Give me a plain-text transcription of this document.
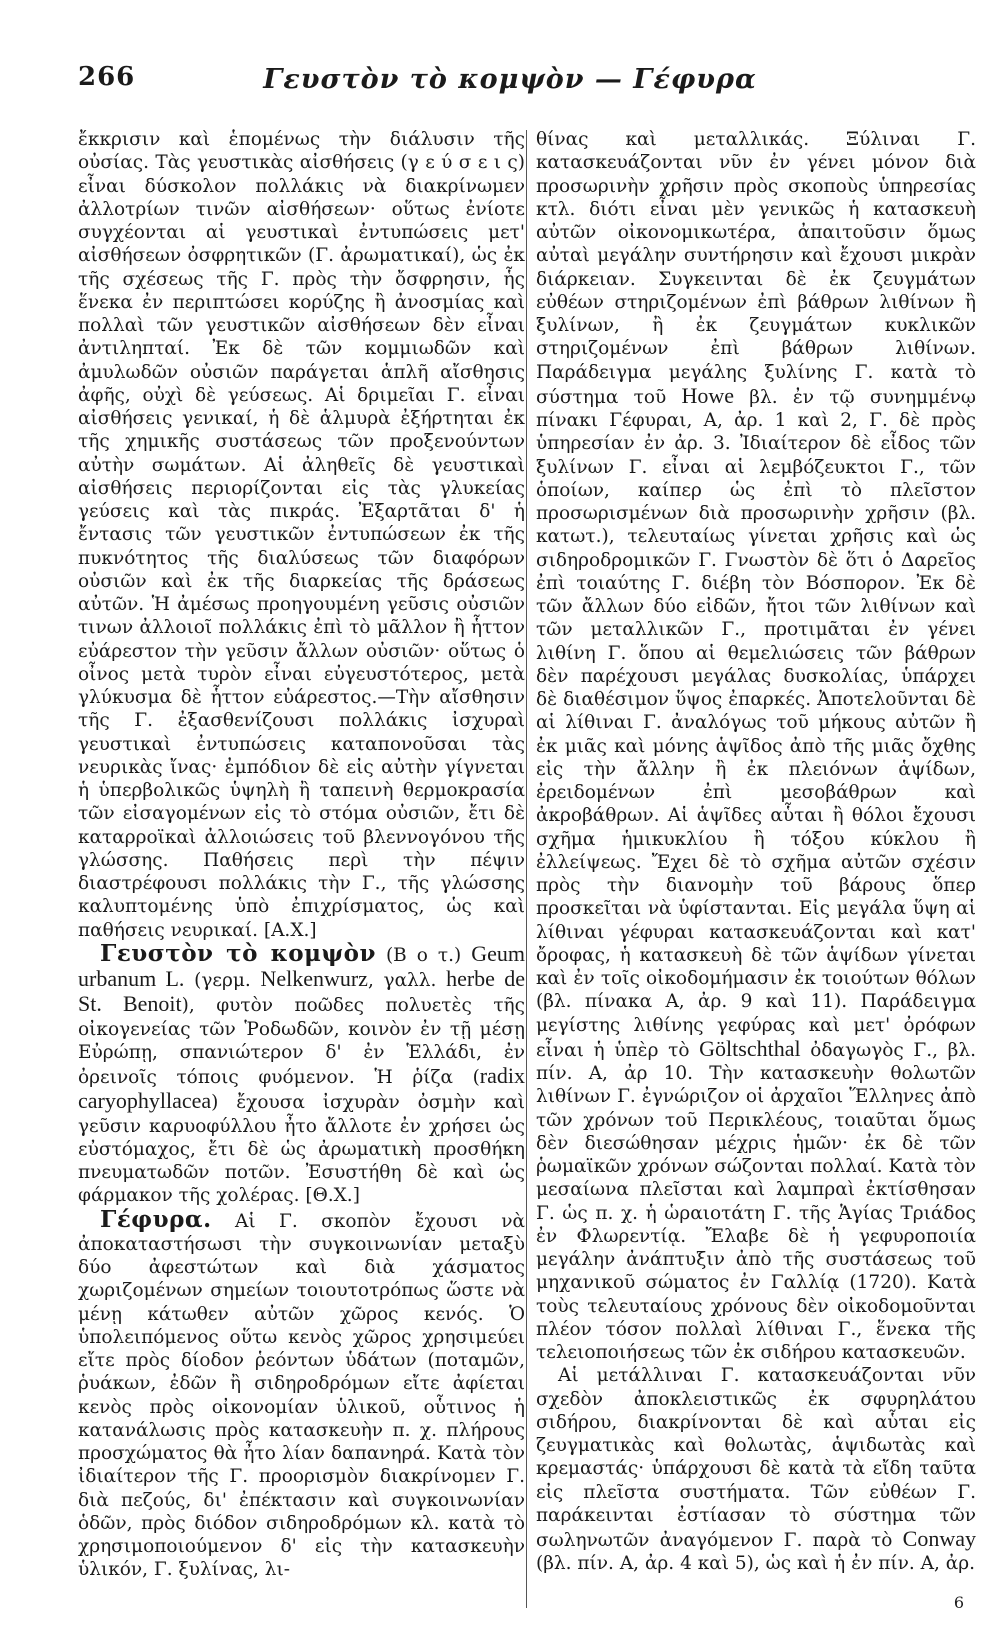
266	Γευστὸν τὸ κομψὸν — Γέφυρα

ἔκκρισιν καὶ ἑπομένως τὴν διάλυσιν τῆς οὐσίας. Τὰς γευστικὰς αἰσθήσεις (γ ε ύ σ ε ι ς) εἶναι δύσκολον πολλάκις νὰ διακρίνωμεν ἀλλοτρίων τινῶν αἰσθήσεων· οὕτως ἐνίοτε συγχέονται αἱ γευστικαὶ ἐντυπώσεις μετ' αἰσθήσεων ὀσφρητικῶν (Γ. ἀρωματικαί), ὡς ἐκ τῆς σχέσεως τῆς Γ. πρὸς τὴν ὄσφρησιν, ἧς ἕνεκα ἐν περιπτώσει κορύζης ἢ ἀνοσμίας καὶ πολλαὶ τῶν γευστικῶν αἰσθήσεων δὲν εἶναι ἀντιληπταί. Ἐκ δὲ τῶν κομμιωδῶν καὶ ἀμυλωδῶν οὐσιῶν παράγεται ἁπλῆ αἴσθησις ἀφῆς, οὐχὶ δὲ γεύσεως. Αἱ δριμεῖαι Γ. εἶναι αἰσθήσεις γενικαί, ἡ δὲ ἁλμυρὰ ἐξήρτηται ἐκ τῆς χημικῆς συστάσεως τῶν προξενούντων αὐτὴν σωμάτων. Αἱ ἀληθεῖς δὲ γευστικαὶ αἰσθήσεις περιορίζονται εἰς τὰς γλυκείας γεύσεις καὶ τὰς πικράς. Ἐξαρτᾶται δ' ἡ ἔντασις τῶν γευστικῶν ἐντυπώσεων ἐκ τῆς πυκνότητος τῆς διαλύσεως τῶν διαφόρων οὐσιῶν καὶ ἐκ τῆς διαρκείας τῆς δράσεως αὐτῶν. Ἡ ἀμέσως προηγουμένη γεῦσις οὐσιῶν τινων ἀλλοιοῖ πολλάκις ἐπὶ τὸ μᾶλλον ἢ ἧττον εὐάρεστον τὴν γεῦσιν ἄλλων οὐσιῶν· οὕτως ὁ οἶνος μετὰ τυρὸν εἶναι εὐγευστότερος, μετὰ γλύκυσμα δὲ ἧττον εὐάρεστος.—Τὴν αἴσθησιν τῆς Γ. ἐξασθενίζουσι πολλάκις ἰσχυραὶ γευστικαὶ ἐντυπώσεις καταπονοῦσαι τὰς νευρικὰς ἴνας· ἐμπόδιον δὲ εἰς αὐτὴν γίγνεται ἡ ὑπερβολικῶς ὑψηλὴ ἢ ταπεινὴ θερμοκρασία τῶν εἰσαγομένων εἰς τὸ στόμα οὐσιῶν, ἔτι δὲ καταρροϊκαὶ ἀλλοιώσεις τοῦ βλεννογόνου τῆς γλώσσης. Παθήσεις περὶ τὴν πέψιν διαστρέφουσι πολλάκις τὴν Γ., τῆς γλώσσης καλυπτομένης ὑπὸ ἐπιχρίσματος, ὡς καὶ παθήσεις νευρικαί. [Α.Χ.]

Γευστὸν τὸ κομψὸν (Β ο τ.) Geum urbanum L. (γερμ. Nelkenwurz, γαλλ. herbe de St. Benoit), φυτὸν ποῶδες πολυετὲς τῆς οἰκογενείας τῶν Ῥοδωδῶν, κοινὸν ἐν τῇ μέσῃ Εὐρώπῃ, σπανιώτερον δ' ἐν Ἑλλάδι, ἐν ὀρεινοῖς τόποις φυόμενον. Ἡ ῥίζα (radix caryophyllacea) ἔχουσα ἰσχυρὰν ὀσμὴν καὶ γεῦσιν καρυοφύλλου ἦτο ἄλλοτε ἐν χρήσει ὡς εὐστόμαχος, ἔτι δὲ ὡς ἀρωματικὴ προσθήκη πνευματωδῶν ποτῶν. Ἐσυστήθη δὲ καὶ ὡς φάρμακον τῆς χολέρας. [Θ.Χ.]

Γέφυρα. Αἱ Γ. σκοπὸν ἔχουσι νὰ ἀποκαταστήσωσι τὴν συγκοινωνίαν μεταξὺ δύο ἀφεστώτων καὶ διὰ χάσματος χωριζομένων σημείων τοιουτοτρόπως ὥστε νὰ μένῃ κάτωθεν αὐτῶν χῶρος κενός. Ὁ ὑπολειπόμενος οὕτω κενὸς χῶρος χρησιμεύει εἴτε πρὸς δίοδον ῥεόντων ὑδάτων (ποταμῶν, ῥυάκων, ἐδῶν ἢ σιδηροδρόμων εἴτε ἀφίεται κενὸς πρὸς οἰκονομίαν ὑλικοῦ, οὗτινος ἡ κατανάλωσις πρὸς κατασκευὴν π. χ. πλήρους προσχώματος θὰ ἦτο λίαν δαπανηρά. Κατὰ τὸν ἰδιαίτερον τῆς Γ. προορισμὸν διακρίνομεν Γ. διὰ πεζούς, δι' ἐπέκτασιν καὶ συγκοινωνίαν ὁδῶν, πρὸς διόδον σιδηροδρόμων κλ. κατὰ τὸ χρησιμοποιούμενον δ' εἰς τὴν κατασκευὴν ὑλικόν, Γ. ξυλίνας, λι-

θίνας καὶ μεταλλικάς. Ξύλιναι Γ. κατασκευάζονται νῦν ἐν γένει μόνον διὰ προσωρινὴν χρῆσιν πρὸς σκοποὺς ὑπηρεσίας κτλ. διότι εἶναι μὲν γενικῶς ἡ κατασκευὴ αὐτῶν οἰκονομικωτέρα, ἀπαιτοῦσιν ὅμως αὐταὶ μεγάλην συντήρησιν καὶ ἔχουσι μικρὰν διάρκειαν. Συγκεινται δὲ ἐκ ζευγμάτων εὐθέων στηριζομένων ἐπὶ βάθρων λιθίνων ἢ ξυλίνων, ἢ ἐκ ζευγμάτων κυκλικῶν στηριζομένων ἐπὶ βάθρων λιθίνων. Παράδειγμα μεγάλης ξυλίνης Γ. κατὰ τὸ σύστημα τοῦ Howe βλ. ἐν τῷ συνημμένῳ πίνακι Γέφυραι, Α, ἀρ. 1 καὶ 2, Γ. δὲ πρὸς ὑπηρεσίαν ἐν ἀρ. 3. Ἰδιαίτερον δὲ εἶδος τῶν ξυλίνων Γ. εἶναι αἱ λεμβόζευκτοι Γ., τῶν ὁποίων, καίπερ ὡς ἐπὶ τὸ πλεῖστον προσωρισμένων διὰ προσωρινὴν χρῆσιν (βλ. κατωτ.), τελευταίως γίνεται χρῆσις καὶ ὡς σιδηροδρομικῶν Γ. Γνωστὸν δὲ ὅτι ὁ Δαρεῖος ἐπὶ τοιαύτης Γ. διέβη τὸν Βόσπορον. Ἐκ δὲ τῶν ἄλλων δύο εἰδῶν, ἤτοι τῶν λιθίνων καὶ τῶν μεταλλικῶν Γ., προτιμᾶται ἐν γένει λιθίνη Γ. ὅπου αἱ θεμελιώσεις τῶν βάθρων δὲν παρέχουσι μεγάλας δυσκολίας, ὑπάρχει δὲ διαθέσιμον ὕψος ἐπαρκές. Ἀποτελοῦνται δὲ αἱ λίθιναι Γ. ἀναλόγως τοῦ μήκους αὐτῶν ἢ ἐκ μιᾶς καὶ μόνης ἁψῖδος ἀπὸ τῆς μιᾶς ὄχθης εἰς τὴν ἄλλην ἢ ἐκ πλειόνων ἁψίδων, ἐρειδομένων ἐπὶ μεσοβάθρων καὶ ἀκροβάθρων. Αἱ ἁψῖδες αὗται ἢ θόλοι ἔχουσι σχῆμα ἡμικυκλίου ἢ τόξου κύκλου ἢ ἐλλείψεως. Ἔχει δὲ τὸ σχῆμα αὐτῶν σχέσιν πρὸς τὴν διανομὴν τοῦ βάρους ὅπερ προσκεῖται νὰ ὑφίστανται. Εἰς μεγάλα ὕψη αἱ λίθιναι γέφυραι κατασκευάζονται καὶ κατ' ὄροφας, ἡ κατασκευὴ δὲ τῶν ἁψίδων γίνεται καὶ ἐν τοῖς οἰκοδομήμασιν ἐκ τοιούτων θόλων (βλ. πίνακα Α, ἀρ. 9 καὶ 11). Παράδειγμα μεγίστης λιθίνης γεφύρας καὶ μετ' ὀρόφων εἶναι ἡ ὑπὲρ τὸ Göltschthal ὀδαγωγὸς Γ., βλ. πίν. Α, ἀρ 10. Τὴν κατασκευὴν θολωτῶν λιθίνων Γ. ἐγνώριζον οἱ ἀρχαῖοι Ἕλληνες ἀπὸ τῶν χρόνων τοῦ Περικλέους, τοιαῦται ὅμως δὲν διεσώθησαν μέχρις ἡμῶν· ἐκ δὲ τῶν ῥωμαϊκῶν χρόνων σώζονται πολλαί. Κατὰ τὸν μεσαίωνα πλεῖσται καὶ λαμπραὶ ἐκτίσθησαν Γ. ὡς π. χ. ἡ ὡραιοτάτη Γ. τῆς Ἁγίας Τριάδος ἐν Φλωρεντίᾳ. Ἔλαβε δὲ ἡ γεφυροποιία μεγάλην ἀνάπτυξιν ἀπὸ τῆς συστάσεως τοῦ μηχανικοῦ σώματος ἐν Γαλλίᾳ (1720). Κατὰ τοὺς τελευταίους χρόνους δὲν οἰκοδομοῦνται πλέον τόσον πολλαὶ λίθιναι Γ., ἕνεκα τῆς τελειοποιήσεως τῶν ἐκ σιδήρου κατασκευῶν.

Αἱ μετάλλιναι Γ. κατασκευάζονται νῦν σχεδὸν ἀποκλειστικῶς ἐκ σφυρηλάτου σιδήρου, διακρίνονται δὲ καὶ αὗται εἰς ζευγματικὰς καὶ θολωτὰς, ἁψιδωτὰς καὶ κρεμαστάς· ὑπάρχουσι δὲ κατὰ τὰ εἴδη ταῦτα εἰς πλεῖστα συστήματα. Τῶν εὐθέων Γ. παράκεινται ἐστίασαν τὸ σύστημα τῶν σωληνωτῶν ἀναγόμενον Γ. παρὰ τὸ Conway (βλ. πίν. Α, ἀρ. 4 καὶ 5), ὡς καὶ ἡ ἐν πίν. Α, ἀρ.

6
